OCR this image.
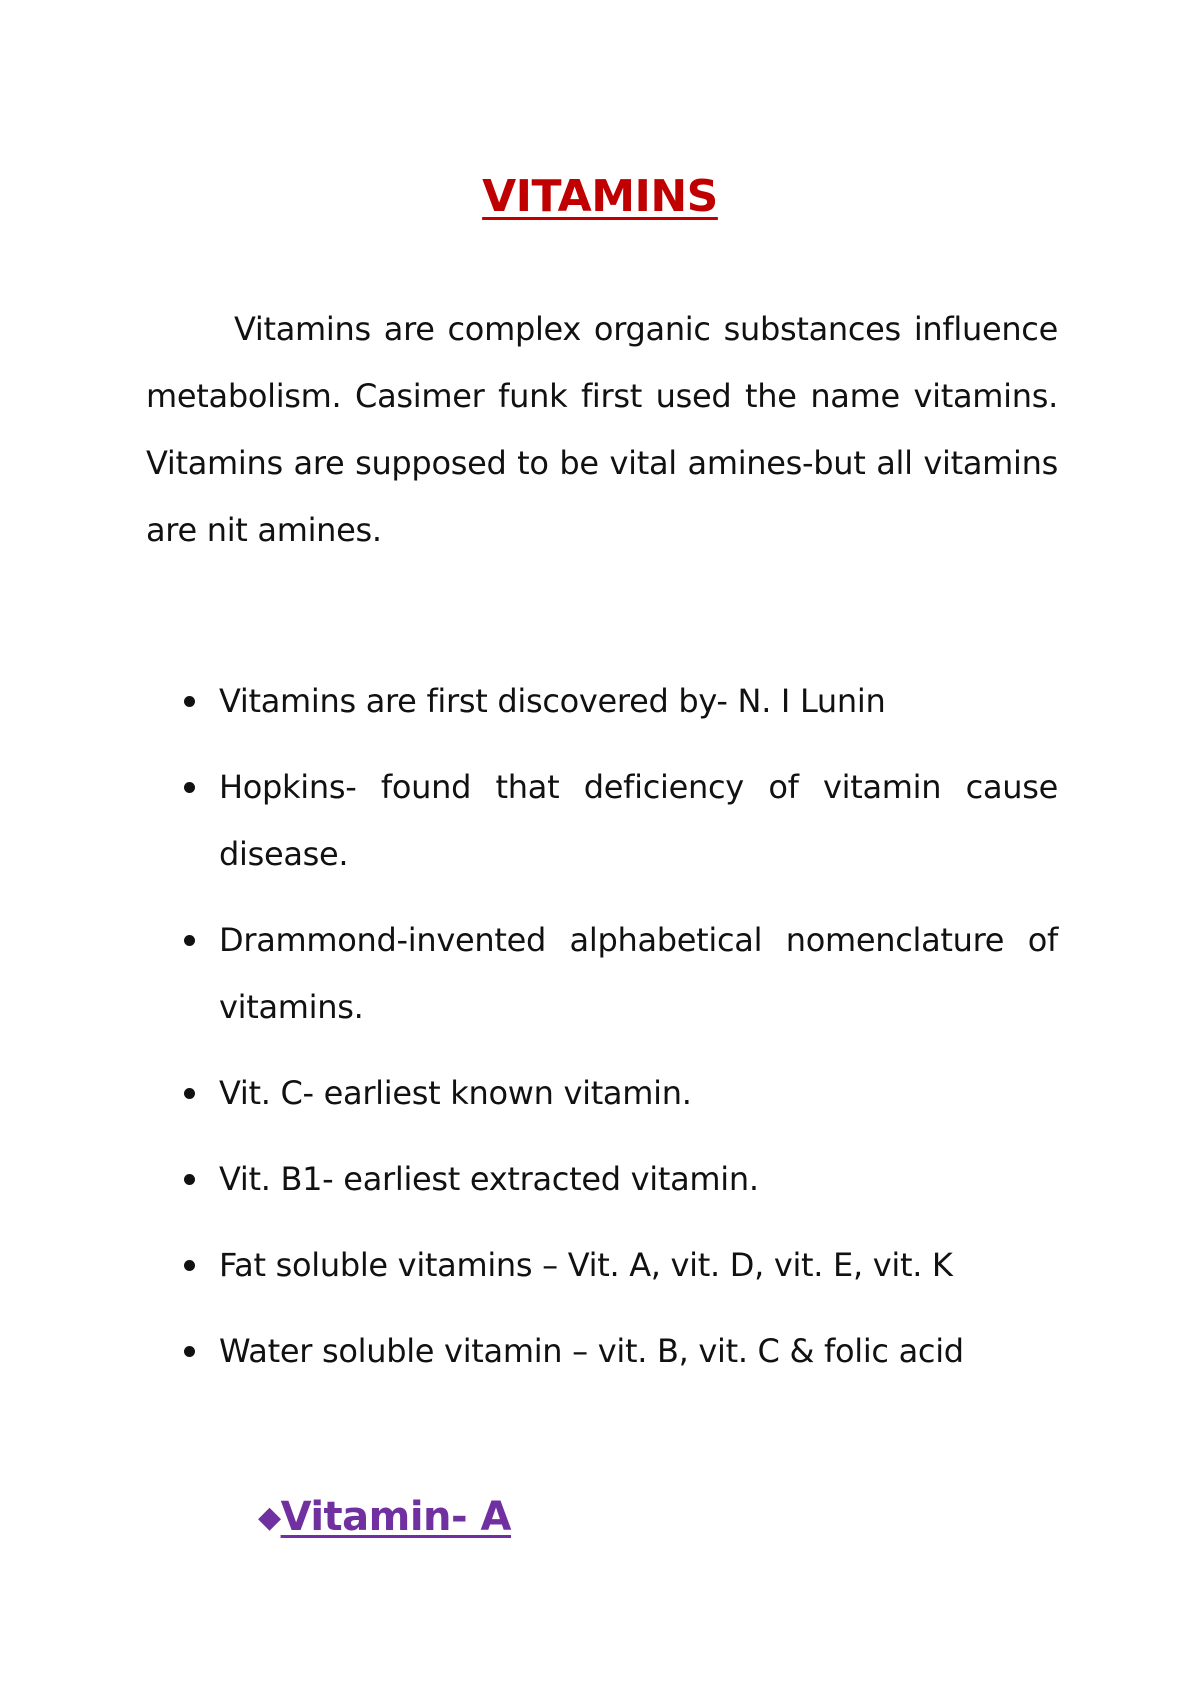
VITAMINS

Vitamins are complex organic substances influence metabolism. Casimer funk first used the name vitamins. Vitamins are supposed to be vital amines-but all vitamins are nit amines.

Vitamins are first discovered by- N. I Lunin
Hopkins- found that deficiency of vitamin cause disease.
Drammond-invented alphabetical nomenclature of vitamins.
Vit. C- earliest known vitamin.
Vit. B1- earliest extracted vitamin.
Fat soluble vitamins – Vit. A, vit. D, vit. E, vit. K
Water soluble vitamin – vit. B, vit. C & folic acid
◆Vitamin- A
